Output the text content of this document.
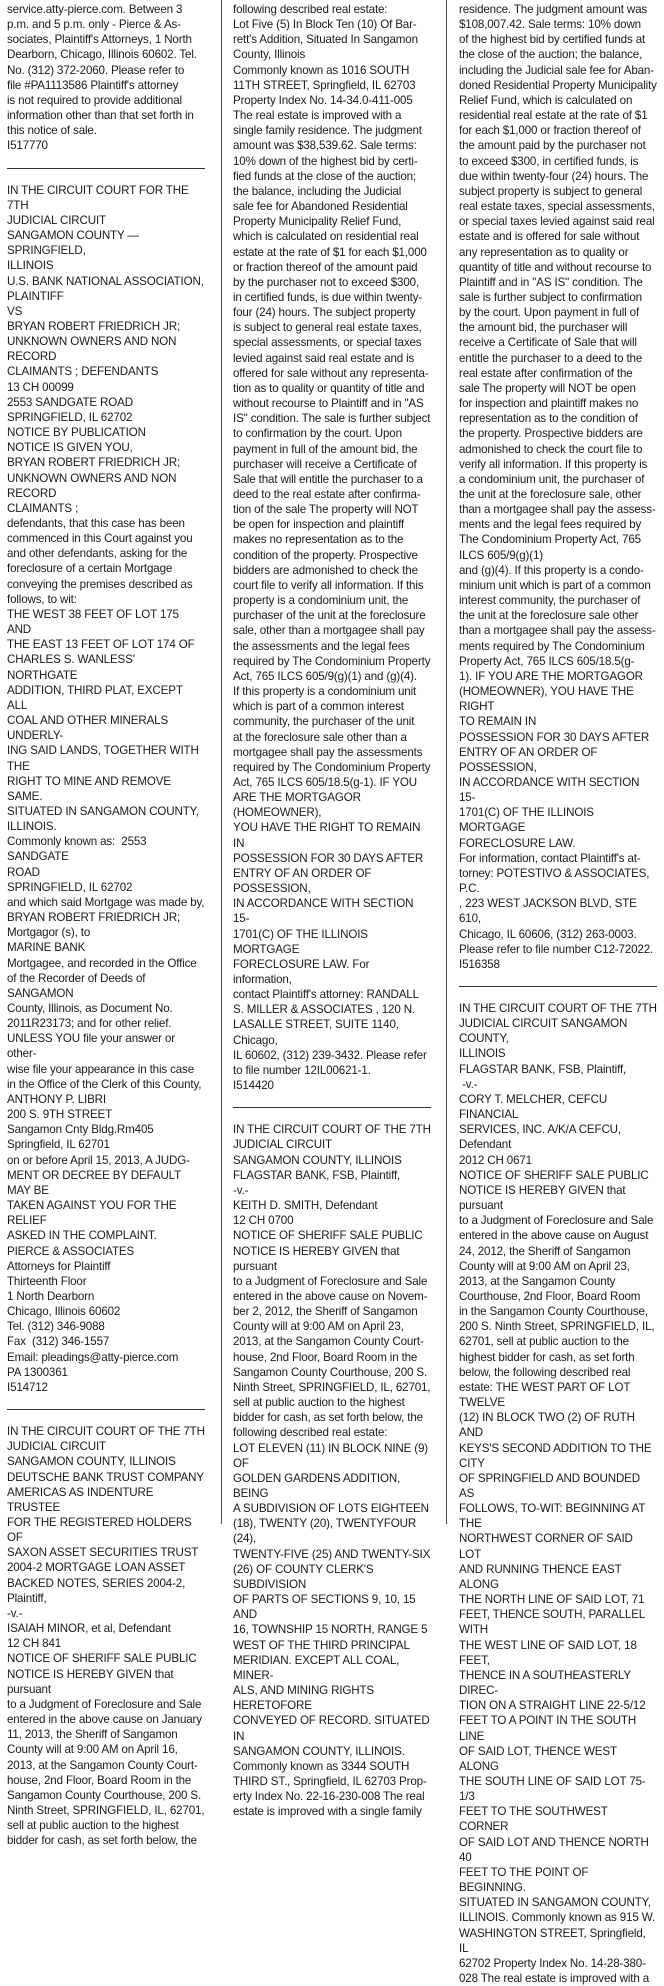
service.atty-pierce.com. Between 3

p.m. and 5 p.m. only - Pierce & As-

sociates, Plaintiff's Attorneys, 1 North

Dearborn, Chicago, Illinois 60602. Tel.

No. (312) 372-2060. Please refer to

file #PA1113586 Plaintiff's attorney

is not required to provide additional

information other than that set forth in

this notice of sale.

I517770

IN THE CIRCUIT COURT FOR THE 7TH

JUDICIAL CIRCUIT

SANGAMON COUNTY — SPRINGFIELD,

ILLINOIS

U.S. BANK NATIONAL ASSOCIATION,

PLAINTIFF

VS

BRYAN ROBERT FRIEDRICH JR;

UNKNOWN OWNERS AND NON RECORD

CLAIMANTS ; DEFENDANTS

13 CH 00099

2553 SANDGATE ROAD

SPRINGFIELD, IL 62702

NOTICE BY PUBLICATION

NOTICE IS GIVEN YOU,

BRYAN ROBERT FRIEDRICH JR;

UNKNOWN OWNERS AND NON RECORD

CLAIMANTS ;

defendants, that this case has been

commenced in this Court against you

and other defendants, asking for the

foreclosure of a certain Mortgage

conveying the premises described as

follows, to wit:

THE WEST 38 FEET OF LOT 175 AND

THE EAST 13 FEET OF LOT 174 OF

CHARLES S. WANLESS' NORTHGATE

ADDITION, THIRD PLAT, EXCEPT ALL

COAL AND OTHER MINERALS UNDERLY-

ING SAID LANDS, TOGETHER WITH THE

RIGHT TO MINE AND REMOVE SAME.

SITUATED IN SANGAMON COUNTY,

ILLINOIS.

Commonly known as:  2553 SANDGATE

ROAD

SPRINGFIELD, IL 62702

and which said Mortgage was made by,

BRYAN ROBERT FRIEDRICH JR;

Mortgagor (s), to

MARINE BANK

Mortgagee, and recorded in the Office

of the Recorder of Deeds of SANGAMON

County, Illinois, as Document No.

2011R23173; and for other relief.

UNLESS YOU file your answer or other-

wise file your appearance in this case

in the Office of the Clerk of this County,

ANTHONY P. LIBRI

200 S. 9TH STREET

Sangamon Cnty Bldg.Rm405

Springfield, IL 62701

on or before April 15, 2013, A JUDG-

MENT OR DECREE BY DEFAULT MAY BE

TAKEN AGAINST YOU FOR THE RELIEF

ASKED IN THE COMPLAINT.

PIERCE & ASSOCIATES

Attorneys for Plaintiff

Thirteenth Floor

1 North Dearborn

Chicago, Illinois 60602

Tel. (312) 346-9088

Fax  (312) 346-1557

Email: pleadings@atty-pierce.com

PA 1300361

I514712

IN THE CIRCUIT COURT OF THE 7TH

JUDICIAL CIRCUIT

SANGAMON COUNTY, ILLINOIS

DEUTSCHE BANK TRUST COMPANY

AMERICAS AS INDENTURE TRUSTEE

FOR THE REGISTERED HOLDERS OF

SAXON ASSET SECURITIES TRUST

2004-2 MORTGAGE LOAN ASSET

BACKED NOTES, SERIES 2004-2,

Plaintiff,

-v.-

ISAIAH MINOR, et al, Defendant

12 CH 841

NOTICE OF SHERIFF SALE PUBLIC

NOTICE IS HEREBY GIVEN that pursuant

to a Judgment of Foreclosure and Sale

entered in the above cause on January

11, 2013, the Sheriff of Sangamon

County will at 9:00 AM on April 16,

2013, at the Sangamon County Court-

house, 2nd Floor, Board Room in the

Sangamon County Courthouse, 200 S.

Ninth Street, SPRINGFIELD, IL, 62701,

sell at public auction to the highest

bidder for cash, as set forth below, the

following described real estate:

Lot Five (5) In Block Ten (10) Of Bar-

rett's Addition, Situated In Sangamon

County, Illinois

Commonly known as 1016 SOUTH

11TH STREET, Springfield, IL 62703

Property Index No. 14-34.0-411-005

The real estate is improved with a

single family residence. The judgment

amount was $38,539.62. Sale terms:

10% down of the highest bid by certi-

fied funds at the close of the auction;

the balance, including the Judicial

sale fee for Abandoned Residential

Property Municipality Relief Fund,

which is calculated on residential real

estate at the rate of $1 for each $1,000

or fraction thereof of the amount paid

by the purchaser not to exceed $300,

in certified funds, is due within twenty-

four (24) hours. The subject property

is subject to general real estate taxes,

special assessments, or special taxes

levied against said real estate and is

offered for sale without any representa-

tion as to quality or quantity of title and

without recourse to Plaintiff and in "AS

IS" condition. The sale is further subject

to confirmation by the court. Upon

payment in full of the amount bid, the

purchaser will receive a Certificate of

Sale that will entitle the purchaser to a

deed to the real estate after confirma-

tion of the sale The property will NOT

be open for inspection and plaintiff

makes no representation as to the

condition of the property. Prospective

bidders are admonished to check the

court file to verify all information. If this

property is a condominium unit, the

purchaser of the unit at the foreclosure

sale, other than a mortgagee shall pay

the assessments and the legal fees

required by The Condominium Property

Act, 765 ILCS 605/9(g)(1) and (g)(4).

If this property is a condominium unit

which is part of a common interest

community, the purchaser of the unit

at the foreclosure sale other than a

mortgagee shall pay the assessments

required by The Condominium Property

Act, 765 ILCS 605/18.5(g-1). IF YOU

ARE THE MORTGAGOR (HOMEOWNER),

YOU HAVE THE RIGHT TO REMAIN IN

POSSESSION FOR 30 DAYS AFTER

ENTRY OF AN ORDER OF POSSESSION,

IN ACCORDANCE WITH SECTION 15-

1701(C) OF THE ILLINOIS MORTGAGE

FORECLOSURE LAW. For information,

contact Plaintiff's attorney: RANDALL

S. MILLER & ASSOCIATES , 120 N.

LASALLE STREET, SUITE 1140, Chicago,

IL 60602, (312) 239-3432. Please refer

to file number 12IL00621-1.

I514420

IN THE CIRCUIT COURT OF THE 7TH

JUDICIAL CIRCUIT

SANGAMON COUNTY, ILLINOIS

FLAGSTAR BANK, FSB, Plaintiff,

-v.-

KEITH D. SMITH, Defendant

12 CH 0700

NOTICE OF SHERIFF SALE PUBLIC

NOTICE IS HEREBY GIVEN that pursuant

to a Judgment of Foreclosure and Sale

entered in the above cause on Novem-

ber 2, 2012, the Sheriff of Sangamon

County will at 9:00 AM on April 23,

2013, at the Sangamon County Court-

house, 2nd Floor, Board Room in the

Sangamon County Courthouse, 200 S.

Ninth Street, SPRINGFIELD, IL, 62701,

sell at public auction to the highest

bidder for cash, as set forth below, the

following described real estate:

LOT ELEVEN (11) IN BLOCK NINE (9) OF

GOLDEN GARDENS ADDITION, BEING

A SUBDIVISION OF LOTS EIGHTEEN

(18), TWENTY (20), TWENTYFOUR (24),

TWENTY-FIVE (25) AND TWENTY-SIX

(26) OF COUNTY CLERK'S SUBDIVISION

OF PARTS OF SECTIONS 9, 10, 15 AND

16, TOWNSHIP 15 NORTH, RANGE 5

WEST OF THE THIRD PRINCIPAL

MERIDIAN. EXCEPT ALL COAL, MINER-

ALS, AND MINING RIGHTS HERETOFORE

CONVEYED OF RECORD. SITUATED IN

SANGAMON COUNTY, ILLINOIS.

Commonly known as 3344 SOUTH

THIRD ST., Springfield, IL 62703 Prop-

erty Index No. 22-16-230-008 The real

estate is improved with a single family

residence. The judgment amount was

$108,007.42. Sale terms: 10% down

of the highest bid by certified funds at

the close of the auction; the balance,

including the Judicial sale fee for Aban-

doned Residential Property Municipality

Relief Fund, which is calculated on

residential real estate at the rate of $1

for each $1,000 or fraction thereof of

the amount paid by the purchaser not

to exceed $300, in certified funds, is

due within twenty-four (24) hours. The

subject property is subject to general

real estate taxes, special assessments,

or special taxes levied against said real

estate and is offered for sale without

any representation as to quality or

quantity of title and without recourse to

Plaintiff and in "AS IS" condition. The

sale is further subject to confirmation

by the court. Upon payment in full of

the amount bid, the purchaser will

receive a Certificate of Sale that will

entitle the purchaser to a deed to the

real estate after confirmation of the

sale The property will NOT be open

for inspection and plaintiff makes no

representation as to the condition of

the property. Prospective bidders are

admonished to check the court file to

verify all information. If this property is

a condominium unit, the purchaser of

the unit at the foreclosure sale, other

than a mortgagee shall pay the assess-

ments and the legal fees required by

The Condominium Property Act, 765

ILCS 605/9(g)(1)

and (g)(4). If this property is a condo-

minium unit which is part of a common

interest community, the purchaser of

the unit at the foreclosure sale other

than a mortgagee shall pay the assess-

ments required by The Condominium

Property Act, 765 ILCS 605/18.5(g-

1). IF YOU ARE THE MORTGAGOR

(HOMEOWNER), YOU HAVE THE RIGHT

TO REMAIN IN

POSSESSION FOR 30 DAYS AFTER

ENTRY OF AN ORDER OF POSSESSION,

IN ACCORDANCE WITH SECTION 15-

1701(C) OF THE ILLINOIS MORTGAGE

FORECLOSURE LAW.

For information, contact Plaintiff's at-

torney: POTESTIVO & ASSOCIATES, P.C.

, 223 WEST JACKSON BLVD, STE 610,

Chicago, IL 60606, (312) 263-0003.

Please refer to file number C12-72022.

I516358

IN THE CIRCUIT COURT OF THE 7TH

JUDICIAL CIRCUIT SANGAMON COUNTY,

ILLINOIS

FLAGSTAR BANK, FSB, Plaintiff,

-v.-

CORY T. MELCHER, CEFCU FINANCIAL

SERVICES, INC. A/K/A CEFCU, Defendant

2012 CH 0671

NOTICE OF SHERIFF SALE PUBLIC

NOTICE IS HEREBY GIVEN that pursuant

to a Judgment of Foreclosure and Sale

entered in the above cause on August

24, 2012, the Sheriff of Sangamon

County will at 9:00 AM on April 23,

2013, at the Sangamon County

Courthouse, 2nd Floor, Board Room

in the Sangamon County Courthouse,

200 S. Ninth Street, SPRINGFIELD, IL,

62701, sell at public auction to the

highest bidder for cash, as set forth

below, the following described real

estate: THE WEST PART OF LOT TWELVE

(12) IN BLOCK TWO (2) OF RUTH AND

KEYS'S SECOND ADDITION TO THE CITY

OF SPRINGFIELD AND BOUNDED AS

FOLLOWS, TO-WIT: BEGINNING AT THE

NORTHWEST CORNER OF SAID LOT

AND RUNNING THENCE EAST ALONG

THE NORTH LINE OF SAID LOT, 71

FEET, THENCE SOUTH, PARALLEL WITH

THE WEST LINE OF SAID LOT, 18 FEET,

THENCE IN A SOUTHEASTERLY DIREC-

TION ON A STRAIGHT LINE 22-5/12

FEET TO A POINT IN THE SOUTH LINE

OF SAID LOT, THENCE WEST ALONG

THE SOUTH LINE OF SAID LOT 75-1/3

FEET TO THE SOUTHWEST CORNER

OF SAID LOT AND THENCE NORTH 40

FEET TO THE POINT OF BEGINNING.

SITUATED IN SANGAMON COUNTY,

ILLINOIS. Commonly known as 915 W.

WASHINGTON STREET, Springfield, IL

62702 Property Index No. 14-28-380-

028 The real estate is improved with a
